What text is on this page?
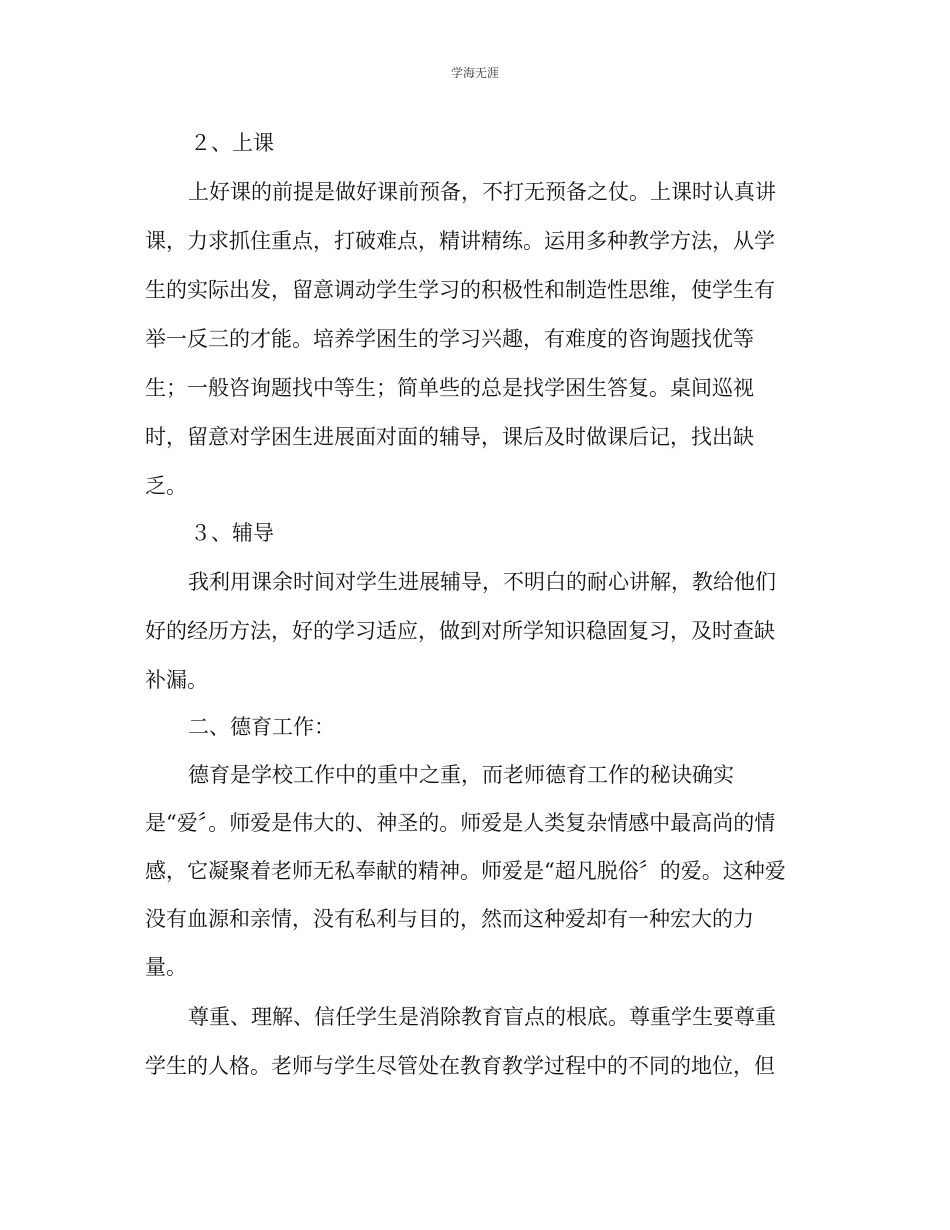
学海无涯
２、上课
上好课的前提是做好课前预备，不打无预备之仗。上课时认真讲
课，力求抓住重点，打破难点，精讲精练。运用多种教学方法，从学
生的实际出发，留意调动学生学习的积极性和制造性思维，使学生有
举一反三的才能。培养学困生的学习兴趣，有难度的咨询题找优等
生；一般咨询题找中等生；简单些的总是找学困生答复。桌间巡视
时，留意对学困生进展面对面的辅导，课后及时做课后记，找出缺
乏。
３、辅导
我利用课余时间对学生进展辅导，不明白的耐心讲解，教给他们
好的经历方法，好的学习适应，做到对所学知识稳固复习，及时查缺
补漏。
二、德育工作：
德育是学校工作中的重中之重，而老师德育工作的秘诀确实
是“爱〞。师爱是伟大的、神圣的。师爱是人类复杂情感中最高尚的情
感，它凝聚着老师无私奉献的精神。师爱是“超凡脱俗〞的爱。这种爱
没有血源和亲情，没有私利与目的，然而这种爱却有一种宏大的力
量。
尊重、理解、信任学生是消除教育盲点的根底。尊重学生要尊重
学生的人格。老师与学生尽管处在教育教学过程中的不同的地位，但
